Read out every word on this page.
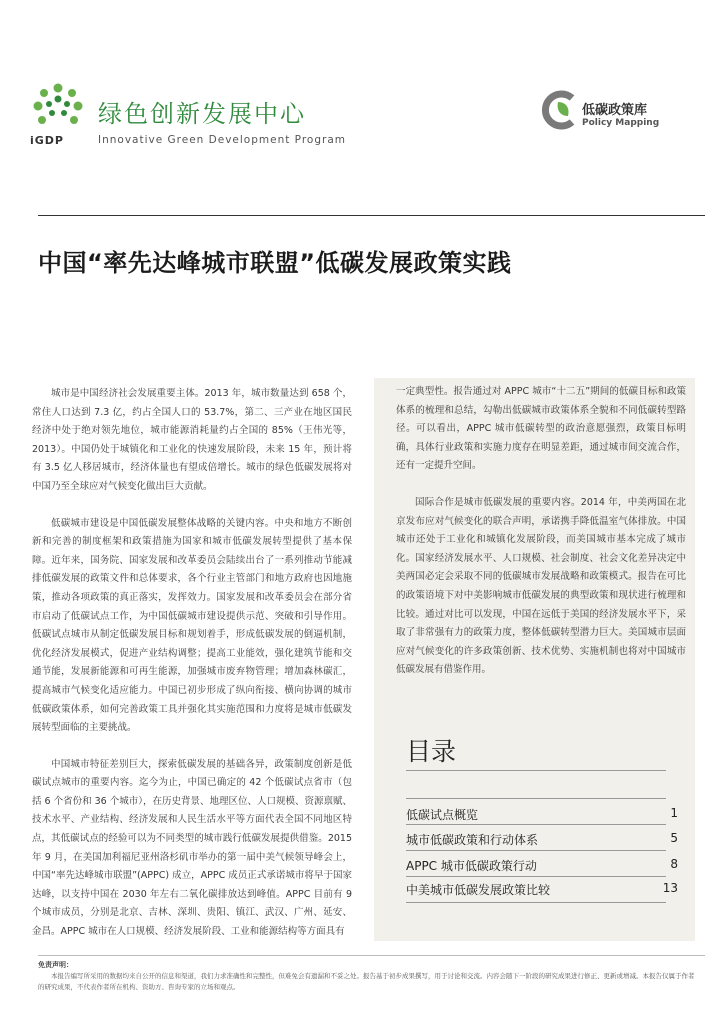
绿色创新发展中心
iGDP	Innovative Green Development Program
低碳政策库
Policy Mapping
中国“率先达峰城市联盟”低碳发展政策实践

城市是中国经济社会发展重要主体。2013 年，城市数量达到 658 个，常住人口达到 7.3 亿，约占全国人口的 53.7%，第二、三产业在地区国民经济中处于绝对领先地位，城市能源消耗量约占全国的 85%（王伟光等，2013）。中国仍处于城镇化和工业化的快速发展阶段，未来 15 年，预计将有 3.5 亿人移居城市，经济体量也有望成倍增长。城市的绿色低碳发展将对中国乃至全球应对气候变化做出巨大贡献。

低碳城市建设是中国低碳发展整体战略的关键内容。中央和地方不断创新和完善的制度框架和政策措施为国家和城市低碳发展转型提供了基本保障。近年来，国务院、国家发展和改革委员会陆续出台了一系列推动节能减排低碳发展的政策文件和总体要求，各个行业主管部门和地方政府也因地施策，推动各项政策的真正落实，发挥效力。国家发展和改革委员会在部分省市启动了低碳试点工作，为中国低碳城市建设提供示范、突破和引导作用。低碳试点城市从制定低碳发展目标和规划着手，形成低碳发展的倒逼机制，优化经济发展模式，促进产业结构调整；提高工业能效，强化建筑节能和交通节能，发展新能源和可再生能源，加强城市废弃物管理；增加森林碳汇，提高城市气候变化适应能力。中国已初步形成了纵向衔接、横向协调的城市低碳政策体系，如何完善政策工具并强化其实施范围和力度将是城市低碳发展转型面临的主要挑战。

中国城市特征差别巨大，探索低碳发展的基础各异，政策制度创新是低碳试点城市的重要内容。迄今为止，中国已确定的 42 个低碳试点省市（包括 6 个省份和 36 个城市），在历史背景、地理区位、人口规模、资源禀赋、技术水平、产业结构、经济发展和人民生活水平等方面代表全国不同地区特点，其低碳试点的经验可以为不同类型的城市践行低碳发展提供借鉴。2015 年 9 月，在美国加利福尼亚州洛杉矶市举办的第一届中美气候领导峰会上，中国“率先达峰城市联盟”(APPC) 成立，APPC 成员正式承诺城市将早于国家达峰，以支持中国在 2030 年左右二氧化碳排放达到峰值。APPC 目前有 9 个城市成员，分别是北京、吉林、深圳、贵阳、镇江、武汉、广州、延安、金昌。APPC 城市在人口规模、经济发展阶段、工业和能源结构等方面具有

一定典型性。报告通过对 APPC 城市“十二五”期间的低碳目标和政策体系的梳理和总结，勾勒出低碳城市政策体系全貌和不同低碳转型路径。可以看出，APPC 城市低碳转型的政治意愿强烈，政策目标明确，具体行业政策和实施力度存在明显差距，通过城市间交流合作，还有一定提升空间。

国际合作是城市低碳发展的重要内容。2014 年，中美两国在北京发布应对气候变化的联合声明，承诺携手降低温室气体排放。中国城市还处于工业化和城镇化发展阶段，而美国城市基本完成了城市化。国家经济发展水平、人口规模、社会制度、社会文化差异决定中美两国必定会采取不同的低碳城市发展战略和政策模式。报告在可比的政策语境下对中美影响城市低碳发展的典型政策和现状进行梳理和比较。通过对比可以发现，中国在远低于美国的经济发展水平下，采取了非常强有力的政策力度，整体低碳转型潜力巨大。美国城市层面应对气候变化的许多政策创新、技术优势、实施机制也将对中国城市低碳发展有借鉴作用。

目录
低碳试点概览	1
城市低碳政策和行动体系	5
APPC 城市低碳政策行动	8
中美城市低碳发展政策比较	13
免责声明：
本报告编写所采用的数据均来自公开的信息和渠道，我们力求准确性和完整性，但难免会有遗漏和不妥之处。报告基于初步成果撰写，用于讨论和交流。内容会随下一阶段的研究成果进行修正、更新或增减。本报告仅属于作者的研究成果，不代表作者所在机构、资助方、咨询专家的立场和观点。
